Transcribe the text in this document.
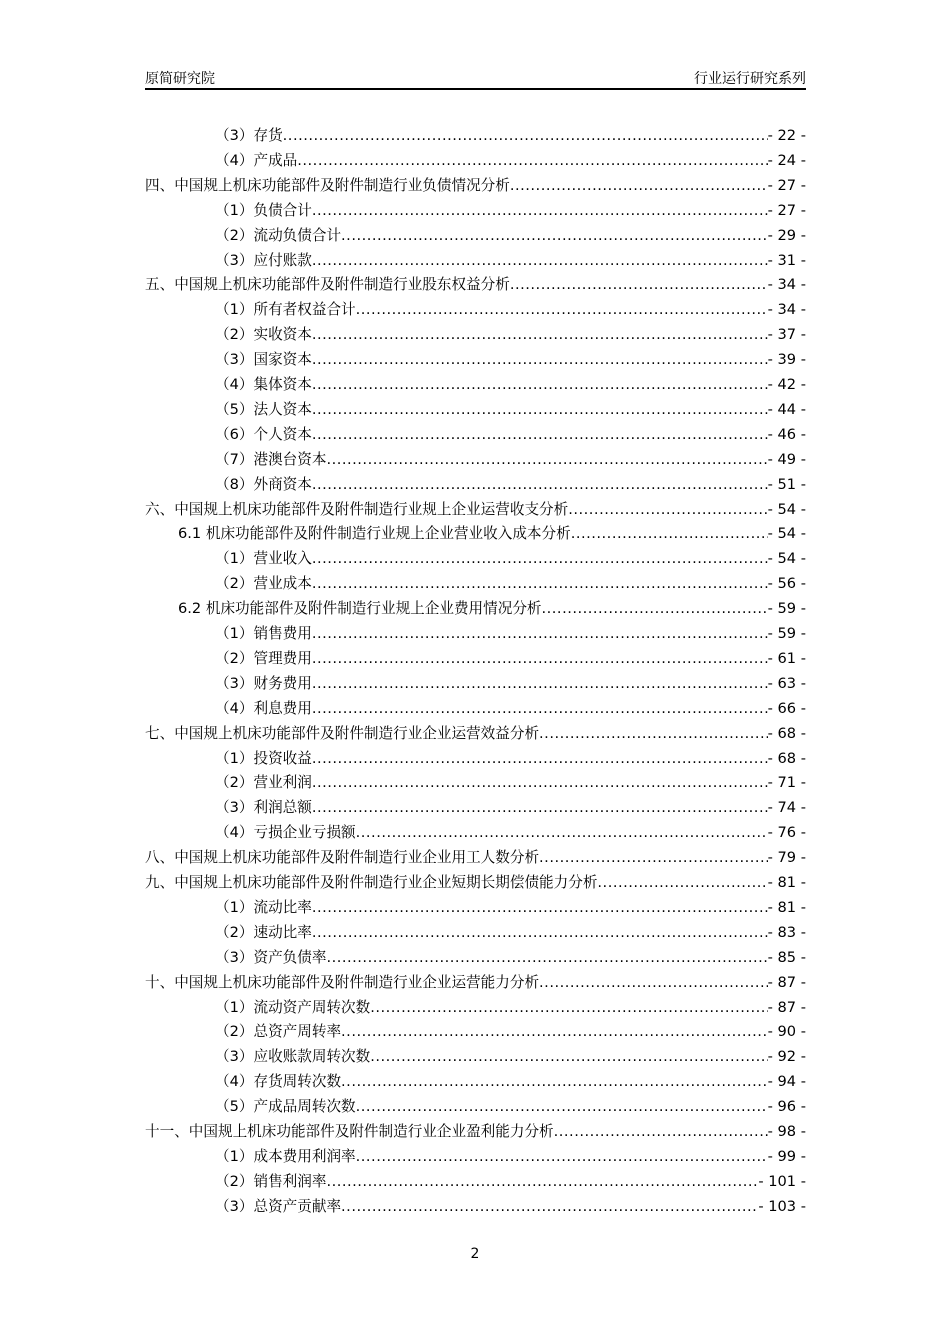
原简研究院	行业运行研究系列
（3）存货 .....	- 22 -
（4）产成品 .....	- 24 -
四、中国规上机床功能部件及附件制造行业负债情况分析 .....	- 27 -
（1）负债合计 .....	- 27 -
（2）流动负债合计 .....	- 29 -
（3）应付账款 .....	- 31 -
五、中国规上机床功能部件及附件制造行业股东权益分析 .....	- 34 -
（1）所有者权益合计 .....	- 34 -
（2）实收资本 .....	- 37 -
（3）国家资本 .....	- 39 -
（4）集体资本 .....	- 42 -
（5）法人资本 .....	- 44 -
（6）个人资本 .....	- 46 -
（7）港澳台资本 .....	- 49 -
（8）外商资本 .....	- 51 -
六、中国规上机床功能部件及附件制造行业规上企业运营收支分析 .....	- 54 -
6.1 机床功能部件及附件制造行业规上企业营业收入成本分析 .....	- 54 -
（1）营业收入 .....	- 54 -
（2）营业成本 .....	- 56 -
6.2 机床功能部件及附件制造行业规上企业费用情况分析 .....	- 59 -
（1）销售费用 .....	- 59 -
（2）管理费用 .....	- 61 -
（3）财务费用 .....	- 63 -
（4）利息费用 .....	- 66 -
七、中国规上机床功能部件及附件制造行业企业运营效益分析 .....	- 68 -
（1）投资收益 .....	- 68 -
（2）营业利润 .....	- 71 -
（3）利润总额 .....	- 74 -
（4）亏损企业亏损额 .....	- 76 -
八、中国规上机床功能部件及附件制造行业企业用工人数分析 .....	- 79 -
九、中国规上机床功能部件及附件制造行业企业短期长期偿债能力分析 .....	- 81 -
（1）流动比率 .....	- 81 -
（2）速动比率 .....	- 83 -
（3）资产负债率 .....	- 85 -
十、中国规上机床功能部件及附件制造行业企业运营能力分析 .....	- 87 -
（1）流动资产周转次数 .....	- 87 -
（2）总资产周转率 .....	- 90 -
（3）应收账款周转次数 .....	- 92 -
（4）存货周转次数 .....	- 94 -
（5）产成品周转次数 .....	- 96 -
十一、中国规上机床功能部件及附件制造行业企业盈利能力分析 .....	- 98 -
（1）成本费用利润率 .....	- 99 -
（2）销售利润率 .....	- 101 -
（3）总资产贡献率 .....	- 103 -
2
